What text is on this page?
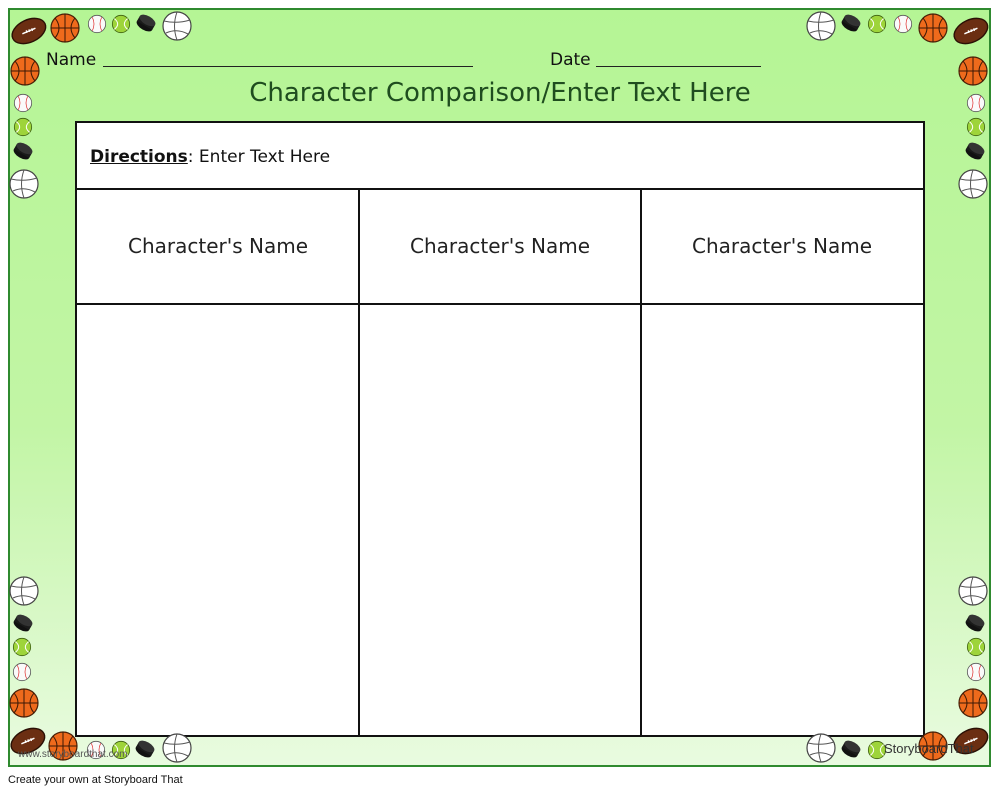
Name	Date
Character Comparison/Enter Text Here
Directions: Enter Text Here
Character's Name	Character's Name	Character's Name
www.storyboardthat.com	StoryboardThat
Create your own at Storyboard That
